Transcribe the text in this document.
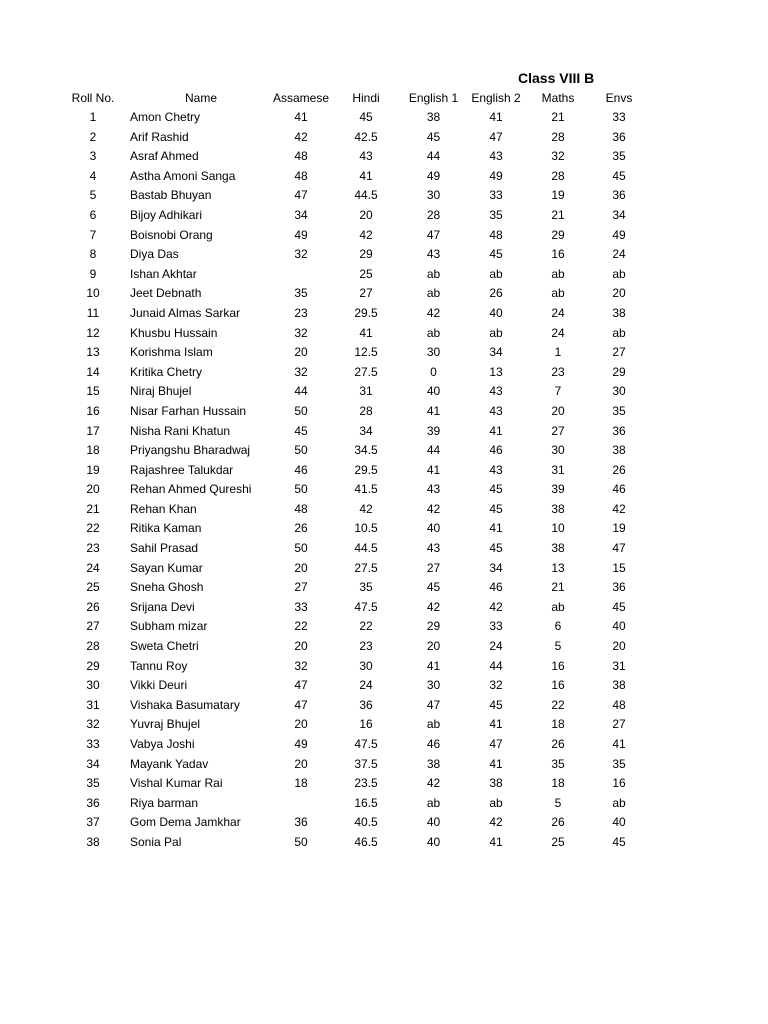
Class VIII B
Roll No.	Name	Assamese	Hindi	English 1	English 2	Maths	Envs
1	Amon Chetry	41	45	38	41	21	33
2	Arif Rashid	42	42.5	45	47	28	36
3	Asraf Ahmed	48	43	44	43	32	35
4	Astha Amoni Sanga	48	41	49	49	28	45
5	Bastab Bhuyan	47	44.5	30	33	19	36
6	Bijoy Adhikari	34	20	28	35	21	34
7	Boisnobi Orang	49	42	47	48	29	49
8	Diya Das	32	29	43	45	16	24
9	Ishan Akhtar		25	ab	ab	ab	ab
10	Jeet Debnath	35	27	ab	26	ab	20
11	Junaid Almas Sarkar	23	29.5	42	40	24	38
12	Khusbu Hussain	32	41	ab	ab	24	ab
13	Korishma Islam	20	12.5	30	34	1	27
14	Kritika Chetry	32	27.5	0	13	23	29
15	Niraj Bhujel	44	31	40	43	7	30
16	Nisar Farhan Hussain	50	28	41	43	20	35
17	Nisha Rani Khatun	45	34	39	41	27	36
18	Priyangshu Bharadwaj	50	34.5	44	46	30	38
19	Rajashree Talukdar	46	29.5	41	43	31	26
20	Rehan Ahmed Qureshi	50	41.5	43	45	39	46
21	Rehan Khan	48	42	42	45	38	42
22	Ritika Kaman	26	10.5	40	41	10	19
23	Sahil Prasad	50	44.5	43	45	38	47
24	Sayan Kumar	20	27.5	27	34	13	15
25	Sneha Ghosh	27	35	45	46	21	36
26	Srijana Devi	33	47.5	42	42	ab	45
27	Subham mizar	22	22	29	33	6	40
28	Sweta Chetri	20	23	20	24	5	20
29	Tannu Roy	32	30	41	44	16	31
30	Vikki Deuri	47	24	30	32	16	38
31	Vishaka Basumatary	47	36	47	45	22	48
32	Yuvraj Bhujel	20	16	ab	41	18	27
33	Vabya Joshi	49	47.5	46	47	26	41
34	Mayank Yadav	20	37.5	38	41	35	35
35	Vishal Kumar Rai	18	23.5	42	38	18	16
36	Riya barman		16.5	ab	ab	5	ab
37	Gom Dema Jamkhar	36	40.5	40	42	26	40
38	Sonia Pal	50	46.5	40	41	25	45
